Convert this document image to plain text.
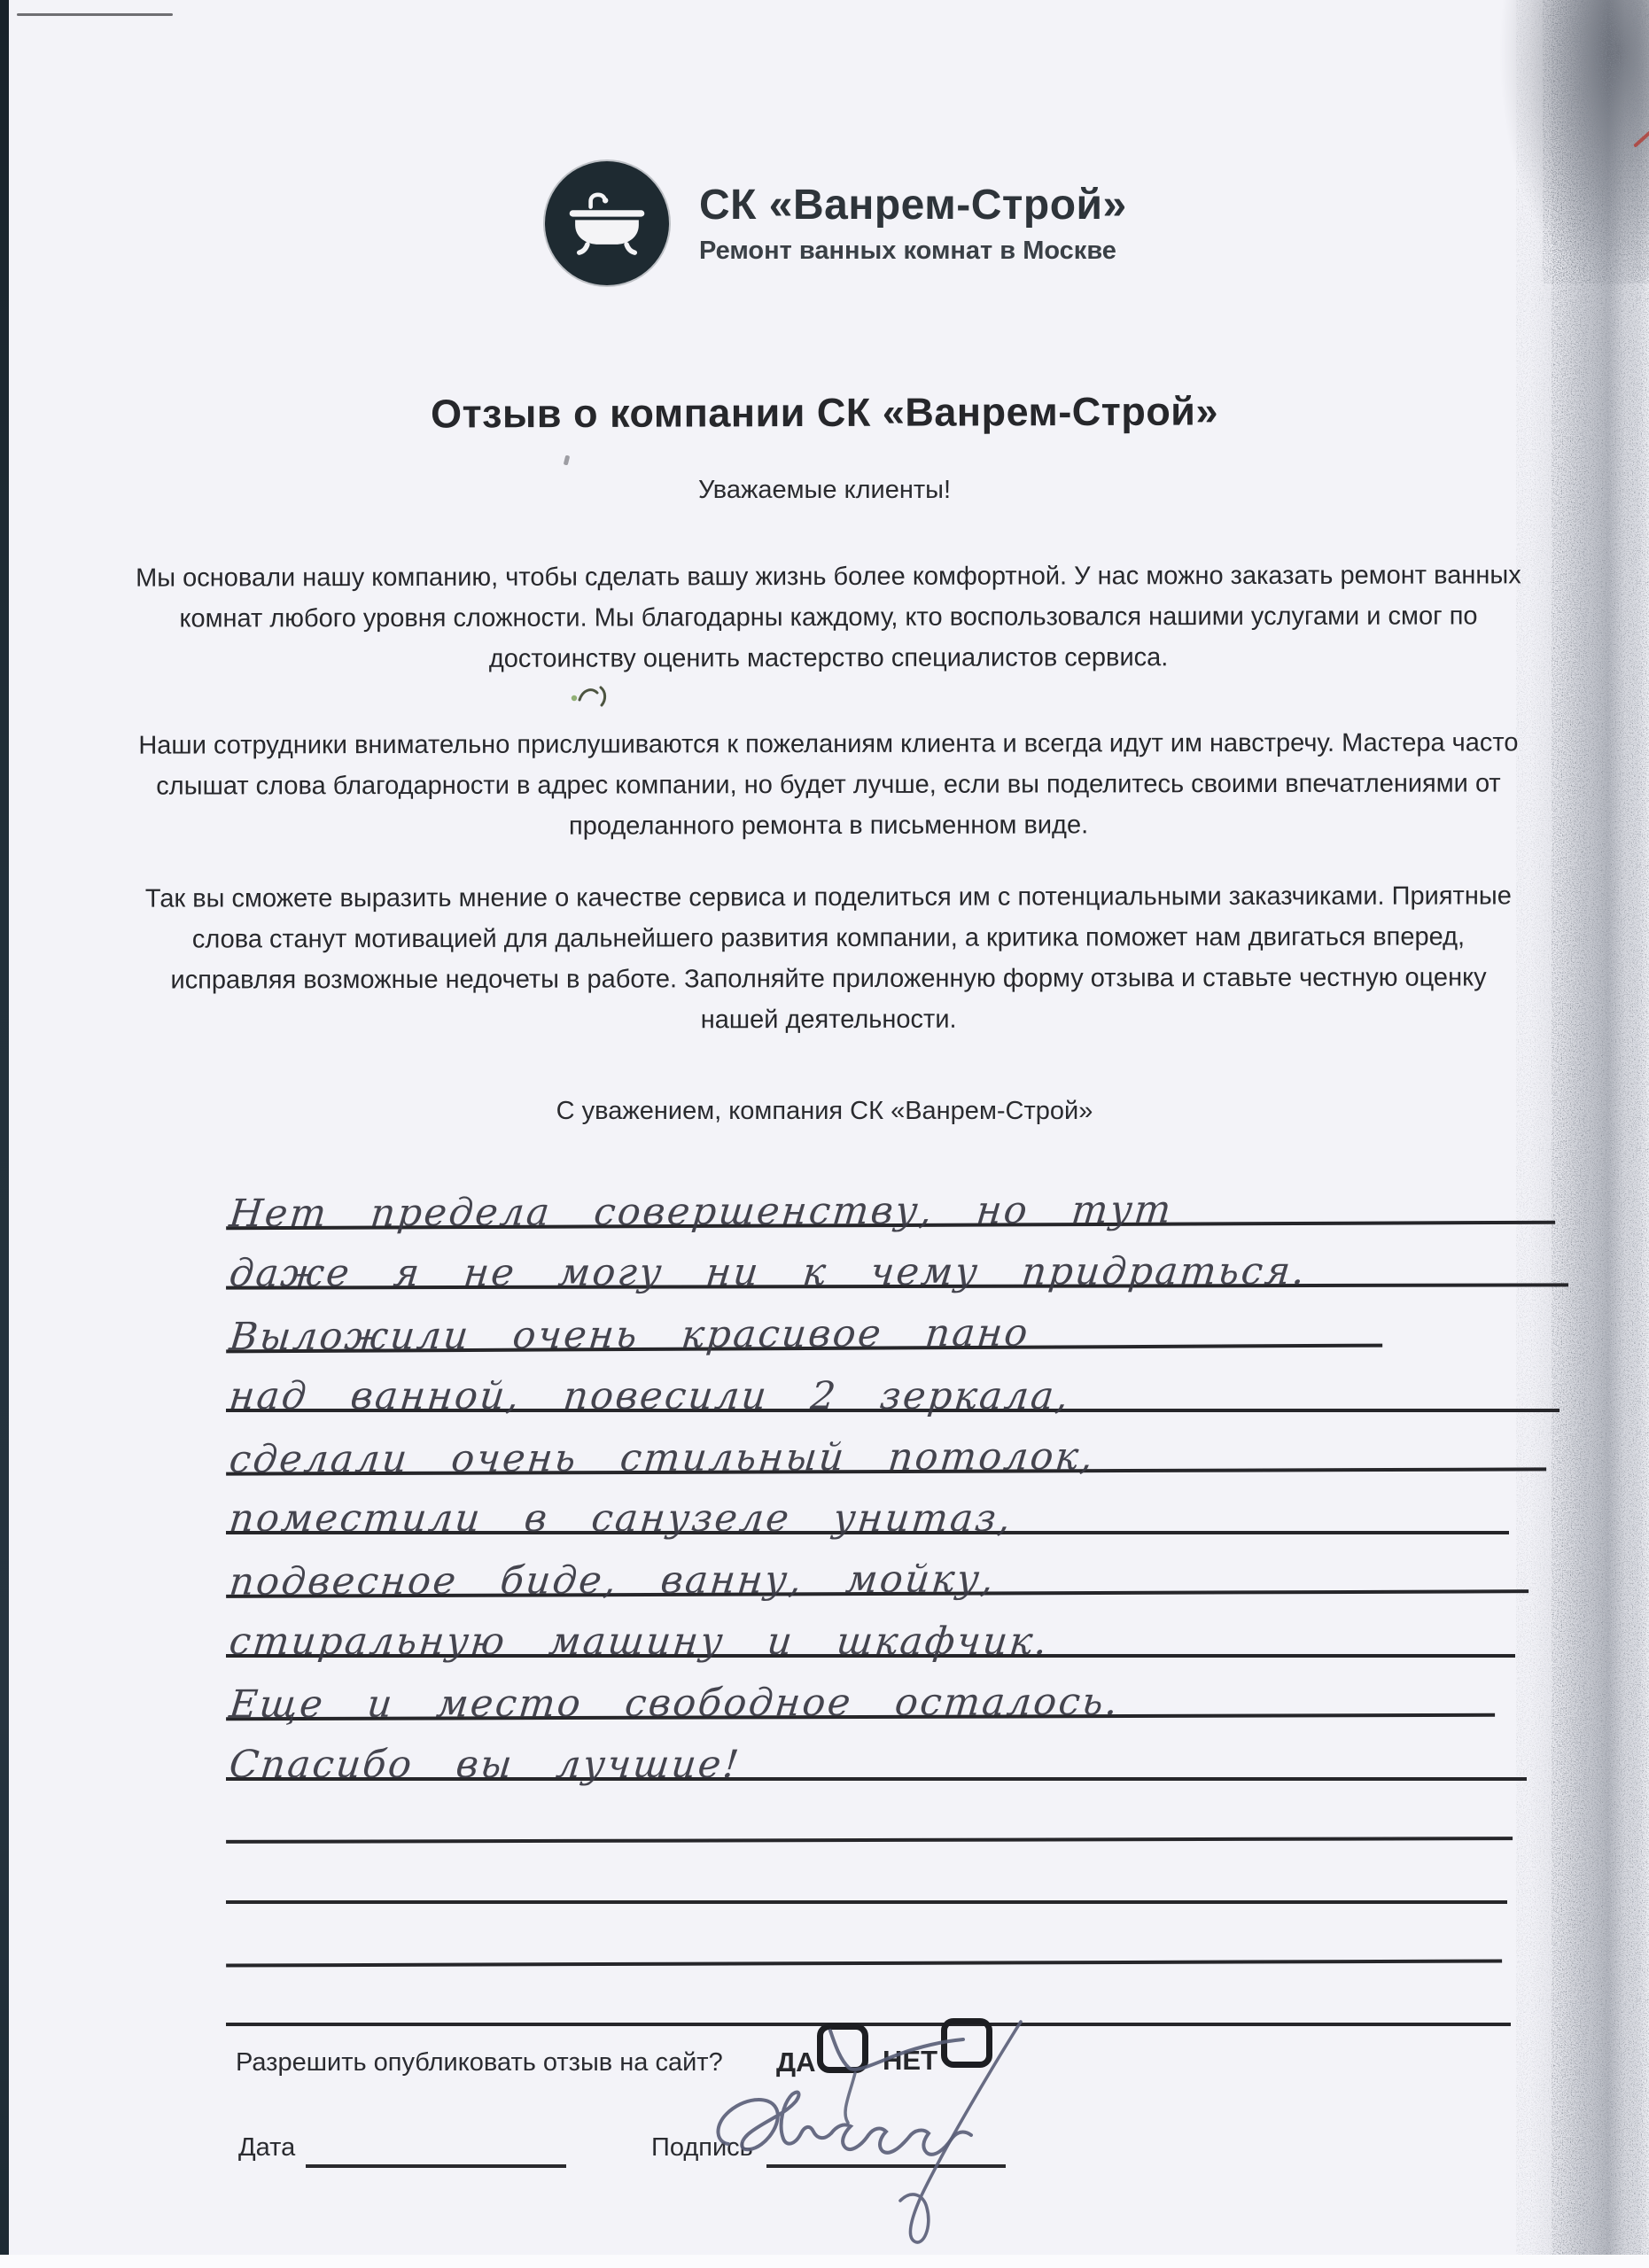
СК «Ванрем-Строй»
Ремонт ванных комнат в Москве
Отзыв о компании СК «Ванрем-Строй»
Уважаемые клиенты!
Мы основали нашу компанию, чтобы сделать вашу жизнь более комфортной. У нас можно заказать ремонт ванных комнат любого уровня сложности. Мы благодарны каждому, кто воспользовался нашими услугами и смог по достоинству оценить мастерство специалистов сервиса.
Наши сотрудники внимательно прислушиваются к пожеланиям клиента и всегда идут им навстречу. Мастера часто слышат слова благодарности в адрес компании, но будет лучше, если вы поделитесь своими впечатлениями от проделанного ремонта в письменном виде.
Так вы сможете выразить мнение о качестве сервиса и поделиться им с потенциальными заказчиками. Приятные слова станут мотивацией для дальнейшего развития компании, а критика поможет нам двигаться вперед, исправляя возможные недочеты в работе. Заполняйте приложенную форму отзыва и ставьте честную оценку нашей деятельности.
С уважением, компания СК «Ванрем-Строй»
Нет предела совершенству, но тут
даже я не могу ни к чему придраться.
Выложили очень красивое пано
над ванной, повесили 2 зеркала,
сделали очень стильный потолок,
поместили в санузеле унитаз,
подвесное биде, ванну, мойку,
стиральную машину и шкафчик.
Еще и место свободное осталось.
Спасибо вы лучшие!
Разрешить опубликовать отзыв на сайт? ДА НЕТ
Дата	Подпись
